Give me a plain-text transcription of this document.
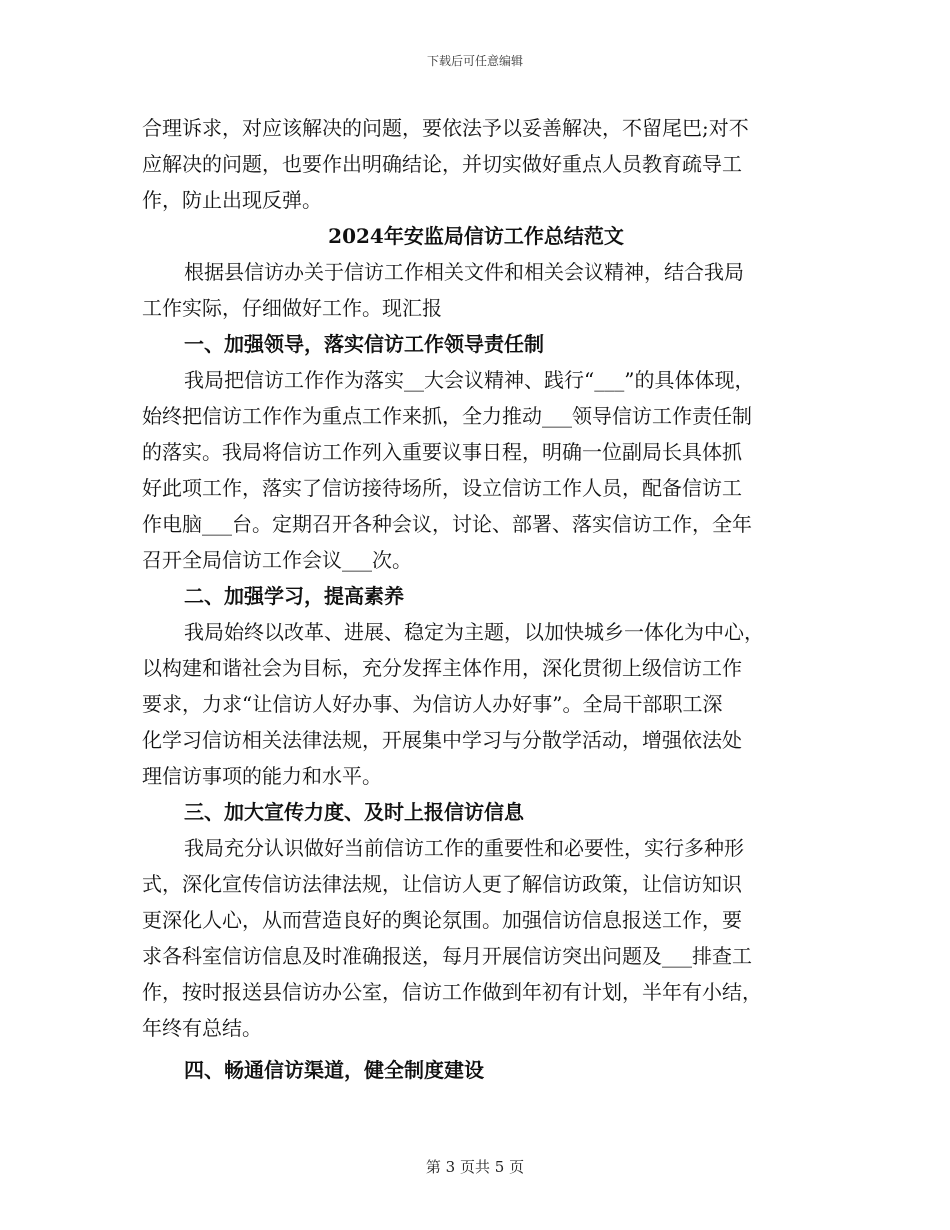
下载后可任意编辑
合理诉求，对应该解决的问题，要依法予以妥善解决，不留尾巴;对不
应解决的问题，也要作出明确结论，并切实做好重点人员教育疏导工
作，防止出现反弹。
2024年安监局信访工作总结范文
根据县信访办关于信访工作相关文件和相关会议精神，结合我局
工作实际，仔细做好工作。现汇报
一、加强领导，落实信访工作领导责任制
我局把信访工作作为落实__大会议精神、践行“___”的具体体现，
始终把信访工作作为重点工作来抓，全力推动___领导信访工作责任制
的落实。我局将信访工作列入重要议事日程，明确一位副局长具体抓
好此项工作，落实了信访接待场所，设立信访工作人员，配备信访工
作电脑___台。定期召开各种会议，讨论、部署、落实信访工作，全年
召开全局信访工作会议___次。
二、加强学习，提高素养
我局始终以改革、进展、稳定为主题，以加快城乡一体化为中心，
以构建和谐社会为目标，充分发挥主体作用，深化贯彻上级信访工作
要求，力求“让信访人好办事、为信访人办好事”。全局干部职工深
化学习信访相关法律法规，开展集中学习与分散学活动，增强依法处
理信访事项的能力和水平。
三、加大宣传力度、及时上报信访信息
我局充分认识做好当前信访工作的重要性和必要性，实行多种形
式，深化宣传信访法律法规，让信访人更了解信访政策，让信访知识
更深化人心，从而营造良好的舆论氛围。加强信访信息报送工作，要
求各科室信访信息及时准确报送，每月开展信访突出问题及___排查工
作，按时报送县信访办公室，信访工作做到年初有计划，半年有小结，
年终有总结。
四、畅通信访渠道，健全制度建设
第 3 页共 5 页
